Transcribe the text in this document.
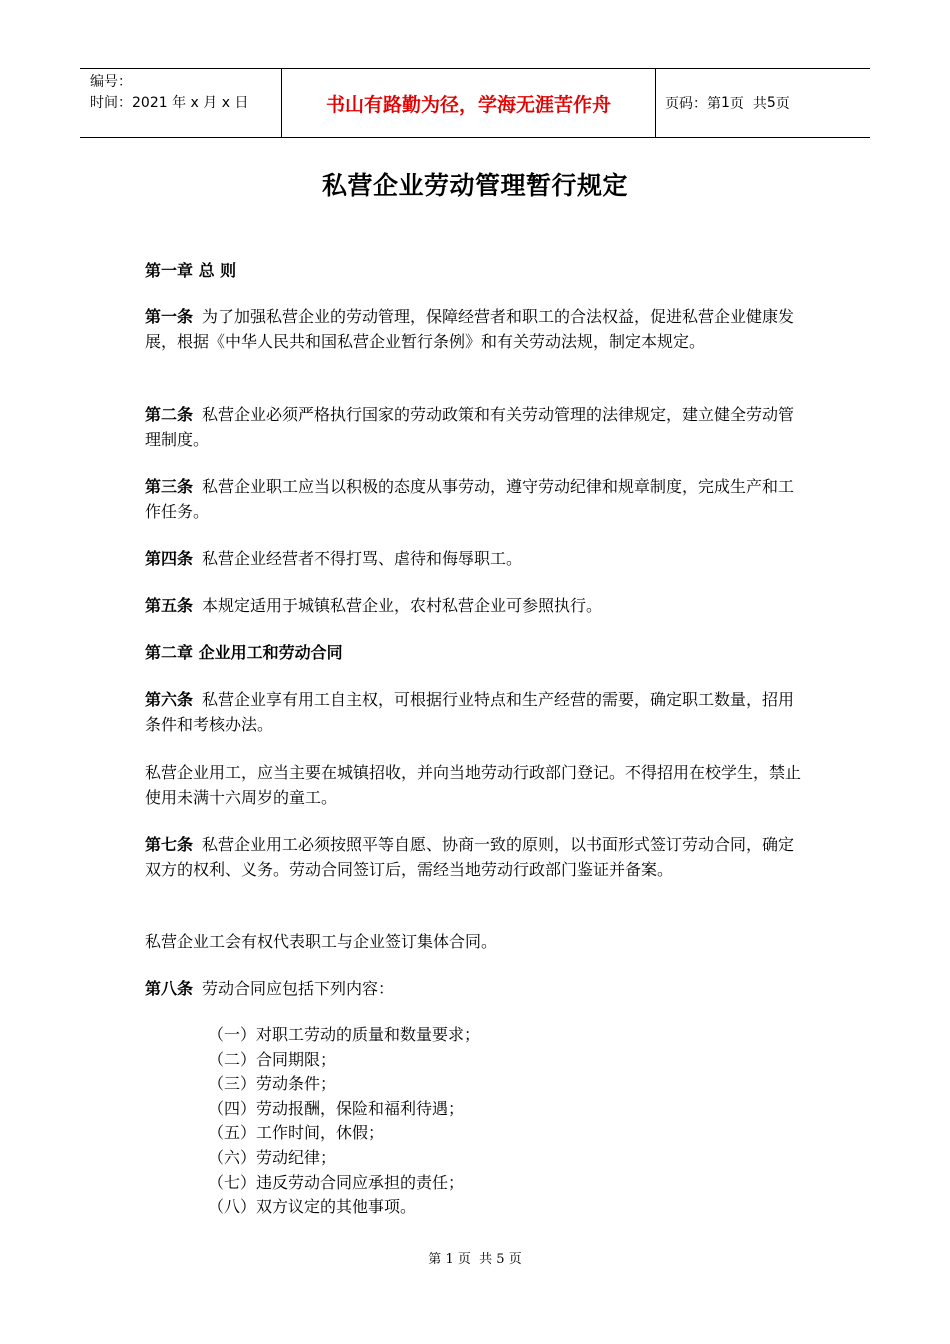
编号：
时间：2021 年 x 月 x 日	书山有路勤为径，学海无涯苦作舟	页码：第 1 页  共 5 页
私营企业劳动管理暂行规定
第一章 总 则
第一条 为了加强私营企业的劳动管理，保障经营者和职工的合法权益，促进私营企业健康发展，根据《中华人民共和国私营企业暂行条例》和有关劳动法规，制定本规定。
第二条 私营企业必须严格执行国家的劳动政策和有关劳动管理的法律规定，建立健全劳动管理制度。
第三条 私营企业职工应当以积极的态度从事劳动，遵守劳动纪律和规章制度，完成生产和工作任务。
第四条 私营企业经营者不得打骂、虐待和侮辱职工。
第五条 本规定适用于城镇私营企业，农村私营企业可参照执行。
第二章 企业用工和劳动合同
第六条 私营企业享有用工自主权，可根据行业特点和生产经营的需要，确定职工数量，招用条件和考核办法。
私营企业用工，应当主要在城镇招收，并向当地劳动行政部门登记。不得招用在校学生，禁止使用未满十六周岁的童工。
第七条 私营企业用工必须按照平等自愿、协商一致的原则，以书面形式签订劳动合同，确定双方的权利、义务。劳动合同签订后，需经当地劳动行政部门鉴证并备案。
私营企业工会有权代表职工与企业签订集体合同。
第八条 劳动合同应包括下列内容：
（一）对职工劳动的质量和数量要求；
（二）合同期限；
（三）劳动条件；
（四）劳动报酬，保险和福利待遇；
（五）工作时间，休假；
（六）劳动纪律；
（七）违反劳动合同应承担的责任；
（八）双方议定的其他事项。
第 1 页  共 5 页
